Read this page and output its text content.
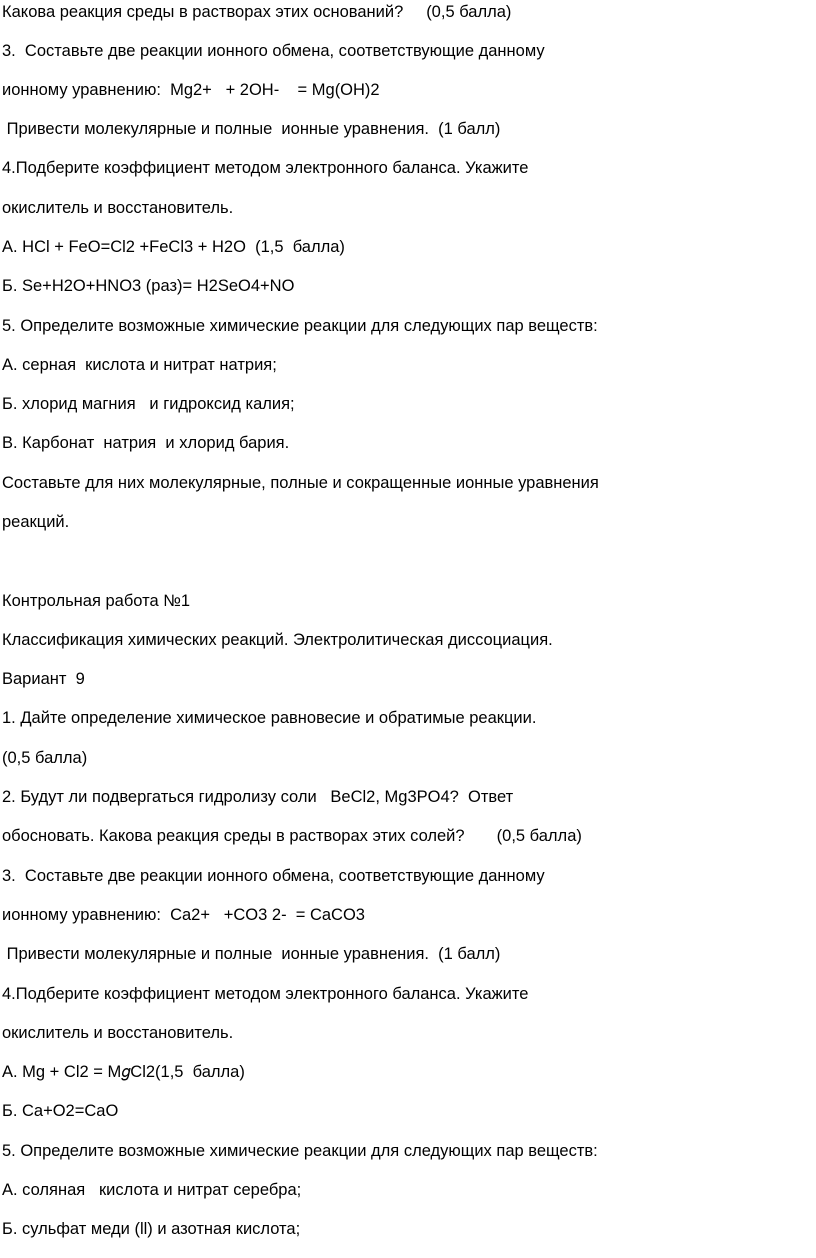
Какова реакция среды в растворах этих оснований?     (0,5 балла)
3.  Составьте две реакции ионного обмена, соответствующие данному
ионному уравнению:  Mg2+   + 2OH-    = Mg(OH)2
Привести молекулярные и полные  ионные уравнения.  (1 балл)
4.Подберите коэффициент методом электронного баланса. Укажите
окислитель и восстановитель.
А. HCl + FeO=Cl2 +FeCl3 + H2O  (1,5  балла)
Б. Se+H2O+HNO3 (раз)= H2SeO4+NO
5. Определите возможные химические реакции для следующих пар веществ:
А. серная  кислота и нитрат натрия;
Б. хлорид магния   и гидроксид калия;
В. Карбонат  натрия  и хлорид бария.
Составьте для них молекулярные, полные и сокращенные ионные уравнения
реакций.
Контрольная работа №1
Классификация химических реакций. Электролитическая диссоциация.
Вариант  9
1. Дайте определение химическое равновесие и обратимые реакции.
(0,5 балла)
2. Будут ли подвергаться гидролизу соли   BeCl2, Mg3PO4?  Ответ
обосновать. Какова реакция среды в растворах этих солей?       (0,5 балла)
3.  Составьте две реакции ионного обмена, соответствующие данному
ионному уравнению:  Ca2+   +CO3 2-  = CaCO3
Привести молекулярные и полные  ионные уравнения.  (1 балл)
4.Подберите коэффициент методом электронного баланса. Укажите
окислитель и восстановитель.
А. Mg + Cl2 = M𝑔Cl2(1,5  балла)
Б. Ca+O2=CaO
5. Определите возможные химические реакции для следующих пар веществ:
А. соляная   кислота и нитрат серебра;
Б. сульфат меди (ll) и азотная кислота;
